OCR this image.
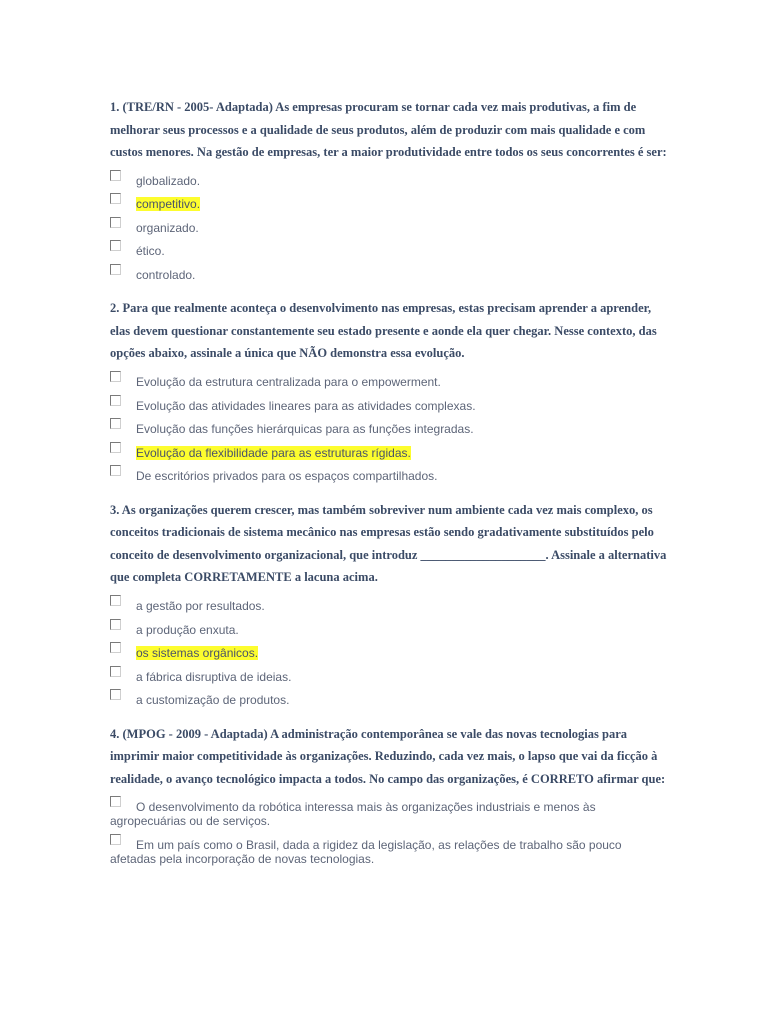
1. (TRE/RN - 2005- Adaptada) As empresas procuram se tornar cada vez mais produtivas, a fim de melhorar seus processos e a qualidade de seus produtos, além de produzir com mais qualidade e com custos menores. Na gestão de empresas, ter a maior produtividade entre todos os seus concorrentes é ser:

globalizado.
competitivo.
organizado.
ético.
controlado.

2. Para que realmente aconteça o desenvolvimento nas empresas, estas precisam aprender a aprender, elas devem questionar constantemente seu estado presente e aonde ela quer chegar. Nesse contexto, das opções abaixo, assinale a única que NÃO demonstra essa evolução.

Evolução da estrutura centralizada para o empowerment.
Evolução das atividades lineares para as atividades complexas.
Evolução das funções hierárquicas para as funções integradas.
Evolução da flexibilidade para as estruturas rígidas.
De escritórios privados para os espaços compartilhados.

3. As organizações querem crescer, mas também sobreviver num ambiente cada vez mais complexo, os conceitos tradicionais de sistema mecânico nas empresas estão sendo gradativamente substituídos pelo conceito de desenvolvimento organizacional, que introduz ____________________. Assinale a alternativa que completa CORRETAMENTE a lacuna acima.

a gestão por resultados.
a produção enxuta.
os sistemas orgânicos.
a fábrica disruptiva de ideias.
a customização de produtos.

4. (MPOG - 2009 - Adaptada) A administração contemporânea se vale das novas tecnologias para imprimir maior competitividade às organizações. Reduzindo, cada vez mais, o lapso que vai da ficção à realidade, o avanço tecnológico impacta a todos. No campo das organizações, é CORRETO afirmar que:

O desenvolvimento da robótica interessa mais às organizações industriais e menos às agropecuárias ou de serviços.
Em um país como o Brasil, dada a rigidez da legislação, as relações de trabalho são pouco afetadas pela incorporação de novas tecnologias.
